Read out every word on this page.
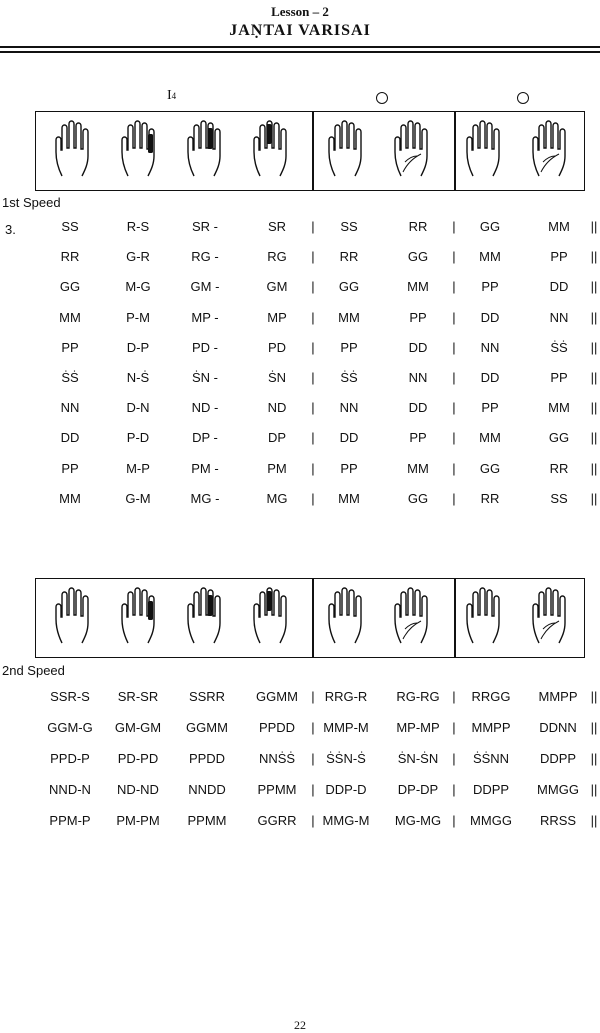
Lesson – 2
JAṆTAI VARISAI
I4
1st Speed
3.	SS	R-S	SR -	SR	|	SS	RR	|	GG	MM	||
RR	G-R	RG -	RG	|	RR	GG	|	MM	PP	||
GG	M-G	GM -	GM	|	GG	MM	|	PP	DD	||
MM	P-M	MP -	MP	|	MM	PP	|	DD	NN	||
PP	D-P	PD -	PD	|	PP	DD	|	NN	ṠṠ	||
ṠṠ	N-Ṡ	ṠN -	ṠN	|	ṠṠ	NN	|	DD	PP	||
NN	D-N	ND -	ND	|	NN	DD	|	PP	MM	||
DD	P-D	DP -	DP	|	DD	PP	|	MM	GG	||
PP	M-P	PM -	PM	|	PP	MM	|	GG	RR	||
MM	G-M	MG -	MG	|	MM	GG	|	RR	SS	||
2nd Speed
SSR-S	SR-SR	SSRR	GGMM	| RRG-R	RG-RG |	RRGG	MMPP	||
GGM-G	GM-GM	GGMM	PPDD	| MMP-M	MP-MP |	MMPP	DDNN	||
PPD-P	PD-PD	PPDD	NNṠṠ	| ṠṠN-Ṡ	ṠN-ṠN	|	ṠṠNN	DDPP	||
NND-N	ND-ND	NNDD	PPMM	| DDP-D	DP-DP	|	DDPP	MMGG ||
PPM-P	PM-PM	PPMM	GGRR	| MMG-M	MG-MG |	MMGG	RRSS	||
22
